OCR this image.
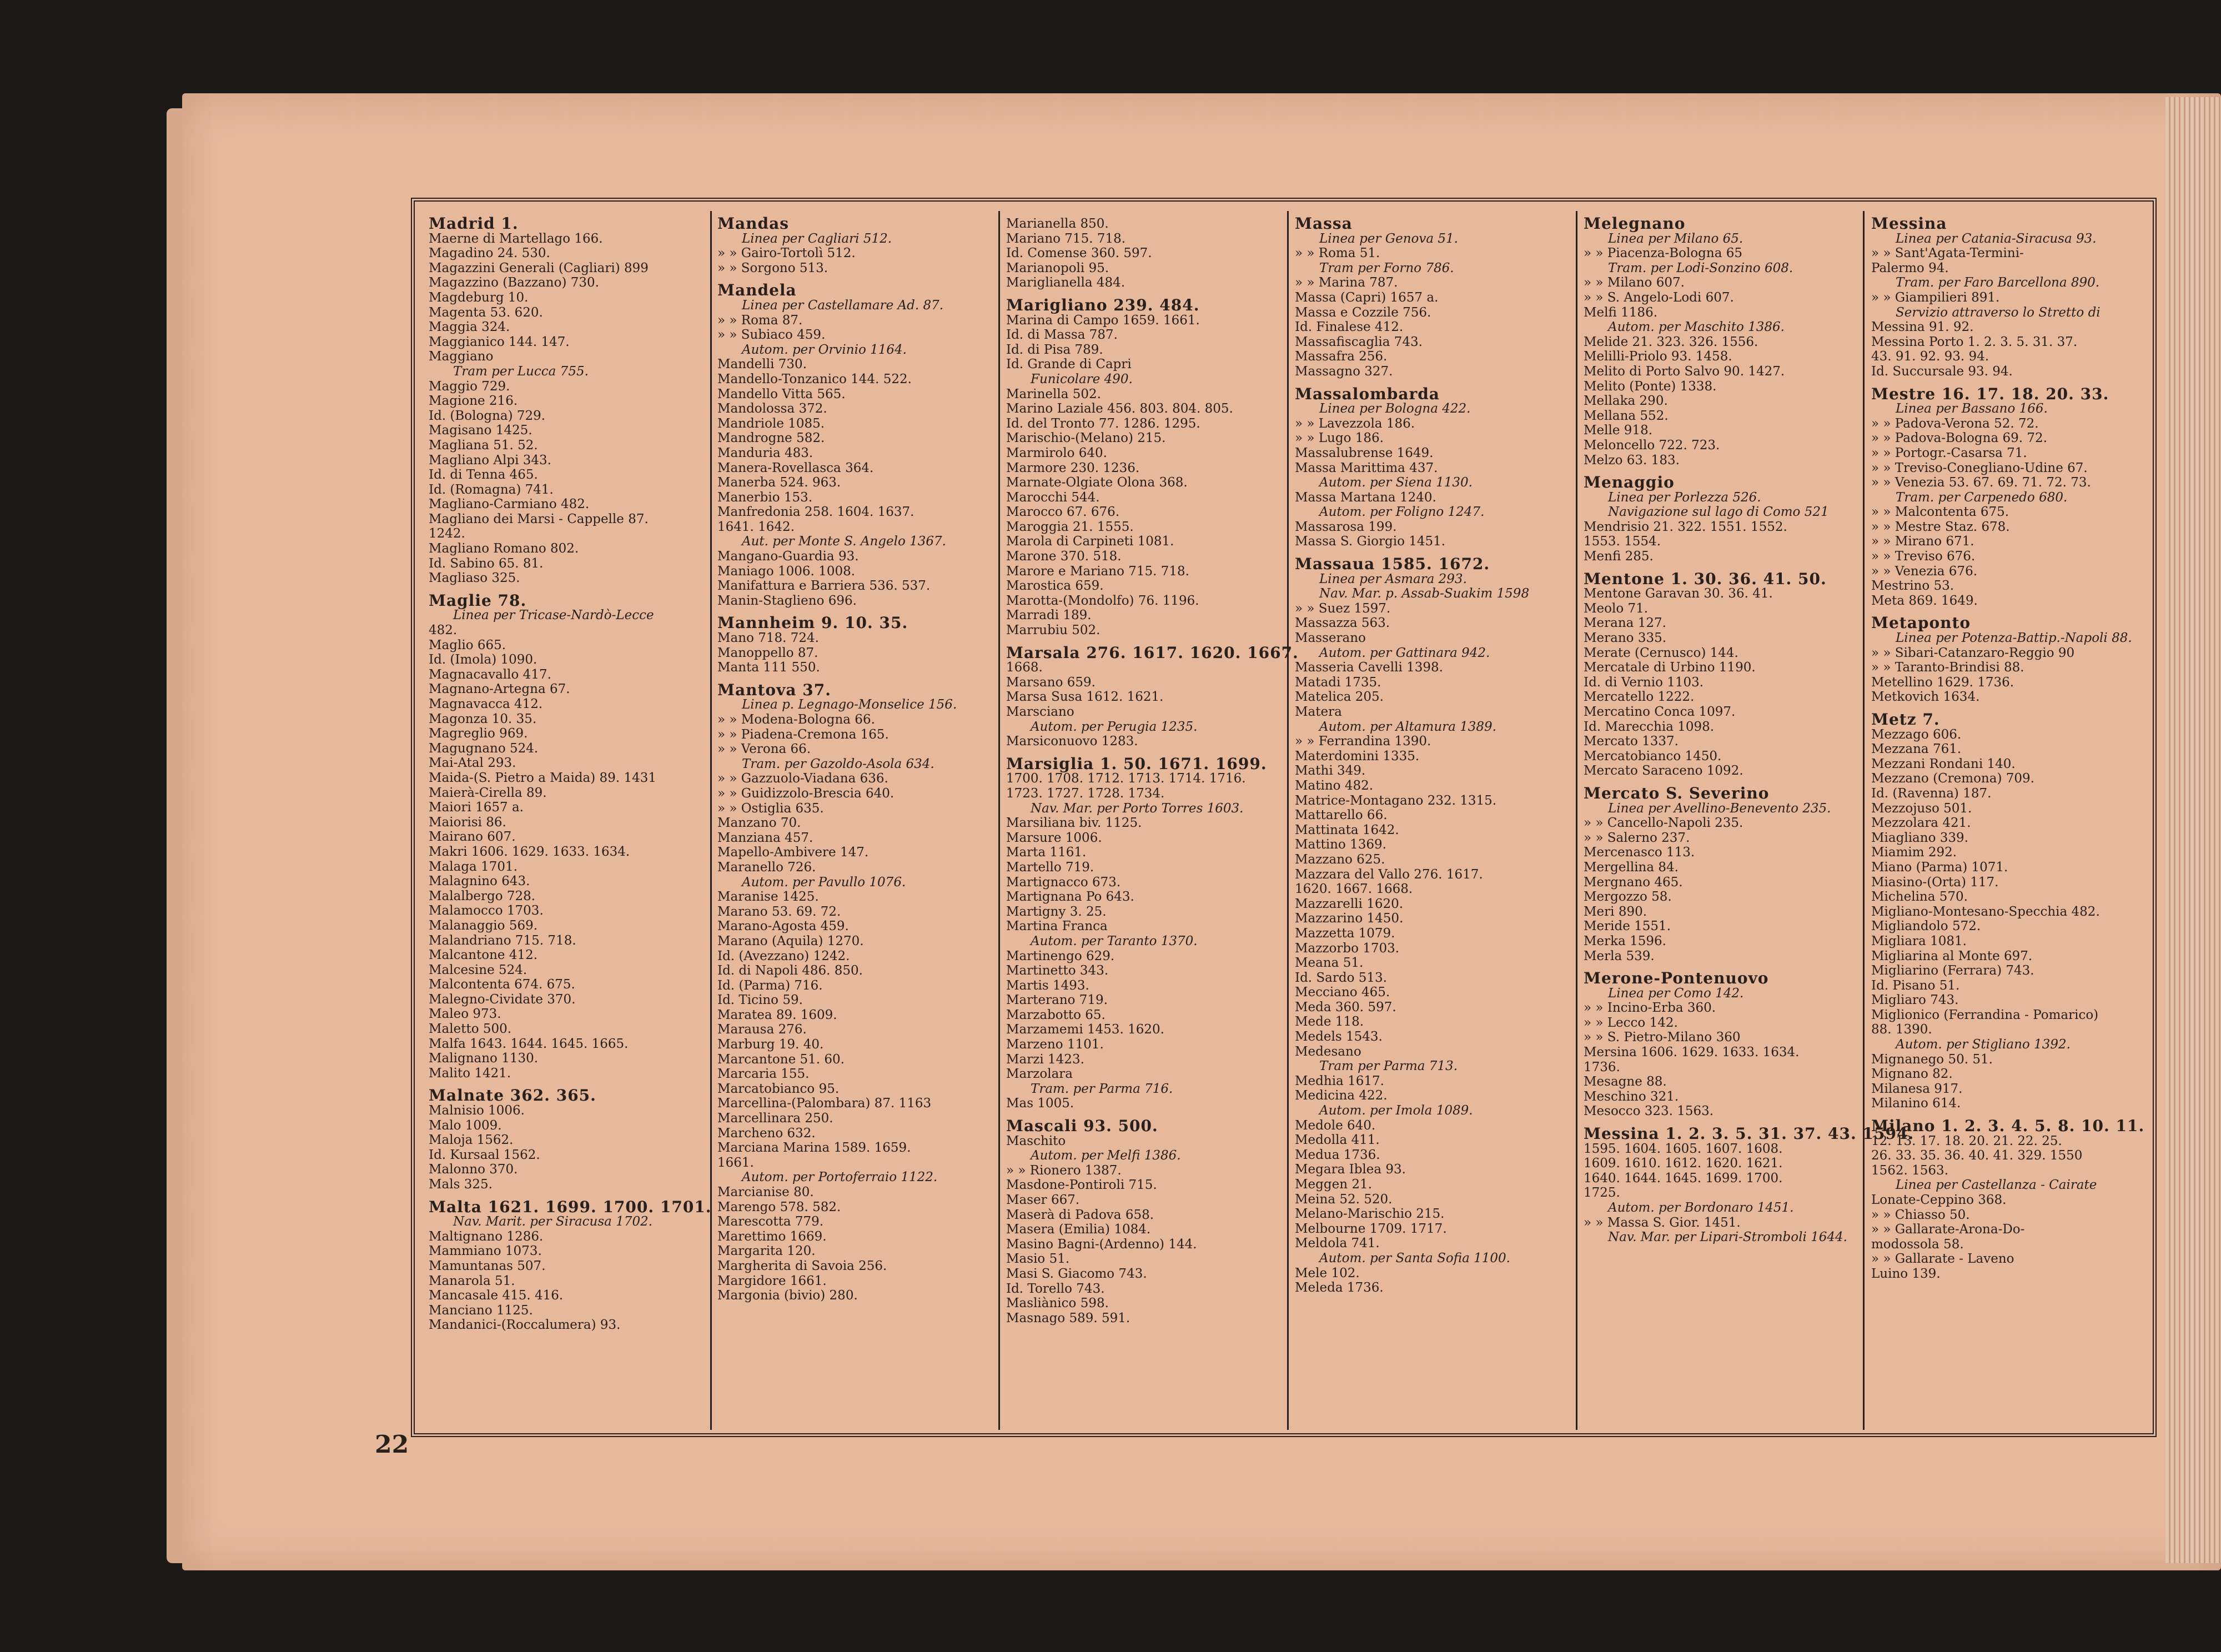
Madrid 1.
Maerne di Martellago 166.
Magadino 24. 530.
Magazzini Generali (Cagliari) 899
Magazzino (Bazzano) 730.
Magdeburg 10.
Magenta 53. 620.
Maggia 324.
Maggianico 144. 147.
Maggiano
Tram per Lucca 755.
Maggio 729.
Magione 216.
Id. (Bologna) 729.
Magisano 1425.
Magliana 51. 52.
Magliano Alpi 343.
Id. di Tenna 465.
Id. (Romagna) 741.
Magliano-Carmiano 482.
Magliano dei Marsi - Cappelle 87.
1242.
Magliano Romano 802.
Id. Sabino 65. 81.
Magliaso 325.
Maglie 78.
Linea per Tricase-Nardò-Lecce
482.
Maglio 665.
Id. (Imola) 1090.
Magnacavallo 417.
Magnano-Artegna 67.
Magnavacca 412.
Magonza 10. 35.
Magreglio 969.
Magugnano 524.
Mai-Atal 293.
Maida-(S. Pietro a Maida) 89. 1431
Maierà-Cirella 89.
Maiori 1657 a.
Maiorisi 86.
Mairano 607.
Makri 1606. 1629. 1633. 1634.
Malaga 1701.
Malagnino 643.
Malalbergo 728.
Malamocco 1703.
Malanaggio 569.
Malandriano 715. 718.
Malcantone 412.
Malcesine 524.
Malcontenta 674. 675.
Malegno-Cividate 370.
Maleo 973.
Maletto 500.
Malfa 1643. 1644. 1645. 1665.
Malignano 1130.
Malito 1421.
Malnate 362. 365.
Malnisio 1006.
Malo 1009.
Maloja 1562.
Id. Kursaal 1562.
Malonno 370.
Mals 325.
Malta 1621. 1699. 1700. 1701.
Nav. Marit. per Siracusa 1702.
Maltignano 1286.
Mammiano 1073.
Mamuntanas 507.
Manarola 51.
Mancasale 415. 416.
Manciano 1125.
Mandanici-(Roccalumera) 93.
Mandas
Linea per Cagliari 512.
» » Gairo-Tortolì 512.
» » Sorgono 513.
Mandela
Linea per Castellamare Ad. 87.
» » Roma 87.
» » Subiaco 459.
Autom. per Orvinio 1164.
Mandelli 730.
Mandello-Tonzanico 144. 522.
Mandello Vitta 565.
Mandolossa 372.
Mandriole 1085.
Mandrogne 582.
Manduria 483.
Manera-Rovellasca 364.
Manerba 524. 963.
Manerbio 153.
Manfredonia 258. 1604. 1637.
1641. 1642.
Aut. per Monte S. Angelo 1367.
Mangano-Guardia 93.
Maniago 1006. 1008.
Manifattura e Barriera 536. 537.
Manin-Staglieno 696.
Mannheim 9. 10. 35.
Mano 718. 724.
Manoppello 87.
Manta 111 550.
Mantova 37.
Linea p. Legnago-Monselice 156.
» » Modena-Bologna 66.
» » Piadena-Cremona 165.
» » Verona 66.
Tram. per Gazoldo-Asola 634.
» » Gazzuolo-Viadana 636.
» » Guidizzolo-Brescia 640.
» » Ostiglia 635.
Manzano 70.
Manziana 457.
Mapello-Ambivere 147.
Maranello 726.
Autom. per Pavullo 1076.
Maranise 1425.
Marano 53. 69. 72.
Marano-Agosta 459.
Marano (Aquila) 1270.
Id. (Avezzano) 1242.
Id. di Napoli 486. 850.
Id. (Parma) 716.
Id. Ticino 59.
Maratea 89. 1609.
Marausa 276.
Marburg 19. 40.
Marcantone 51. 60.
Marcaria 155.
Marcatobianco 95.
Marcellina-(Palombara) 87. 1163
Marcellinara 250.
Marcheno 632.
Marciana Marina 1589. 1659.
1661.
Autom. per Portoferraio 1122.
Marcianise 80.
Marengo 578. 582.
Marescotta 779.
Marettimo 1669.
Margarita 120.
Margherita di Savoia 256.
Margidore 1661.
Margonia (bivio) 280.
Marianella 850.
Mariano 715. 718.
Id. Comense 360. 597.
Marianopoli 95.
Mariglianella 484.
Marigliano 239. 484.
Marina di Campo 1659. 1661.
Id. di Massa 787.
Id. di Pisa 789.
Id. Grande di Capri
Funicolare 490.
Marinella 502.
Marino Laziale 456. 803. 804. 805.
Id. del Tronto 77. 1286. 1295.
Marischio-(Melano) 215.
Marmirolo 640.
Marmore 230. 1236.
Marnate-Olgiate Olona 368.
Marocchi 544.
Marocco 67. 676.
Maroggia 21. 1555.
Marola di Carpineti 1081.
Marone 370. 518.
Marore e Mariano 715. 718.
Marostica 659.
Marotta-(Mondolfo) 76. 1196.
Marradi 189.
Marrubiu 502.
Marsala 276. 1617. 1620. 1667.
1668.
Marsano 659.
Marsa Susa 1612. 1621.
Marsciano
Autom. per Perugia 1235.
Marsiconuovo 1283.
Marsiglia 1. 50. 1671. 1699.
1700. 1708. 1712. 1713. 1714. 1716.
1723. 1727. 1728. 1734.
Nav. Mar. per Porto Torres 1603.
Marsiliana biv. 1125.
Marsure 1006.
Marta 1161.
Martello 719.
Martignacco 673.
Martignana Po 643.
Martigny 3. 25.
Martina Franca
Autom. per Taranto 1370.
Martinengo 629.
Martinetto 343.
Martis 1493.
Marterano 719.
Marzabotto 65.
Marzamemi 1453. 1620.
Marzeno 1101.
Marzi 1423.
Marzolara
Tram. per Parma 716.
Mas 1005.
Mascali 93. 500.
Maschito
Autom. per Melfi 1386.
» » Rionero 1387.
Masdone-Pontiroli 715.
Maser 667.
Maserà di Padova 658.
Masera (Emilia) 1084.
Masino Bagni-(Ardenno) 144.
Masio 51.
Masi S. Giacomo 743.
Id. Torello 743.
Masliànico 598.
Masnago 589. 591.
Massa
Linea per Genova 51.
» » Roma 51.
Tram per Forno 786.
» » Marina 787.
Massa (Capri) 1657 a.
Massa e Cozzile 756.
Id. Finalese 412.
Massafiscaglia 743.
Massafra 256.
Massagno 327.
Massalombarda
Linea per Bologna 422.
» » Lavezzola 186.
» » Lugo 186.
Massalubrense 1649.
Massa Marittima 437.
Autom. per Siena 1130.
Massa Martana 1240.
Autom. per Foligno 1247.
Massarosa 199.
Massa S. Giorgio 1451.
Massaua 1585. 1672.
Linea per Asmara 293.
Nav. Mar. p. Assab-Suakim 1598
» » Suez 1597.
Massazza 563.
Masserano
Autom. per Gattinara 942.
Masseria Cavelli 1398.
Matadi 1735.
Matelica 205.
Matera
Autom. per Altamura 1389.
» » Ferrandina 1390.
Materdomini 1335.
Mathi 349.
Matino 482.
Matrice-Montagano 232. 1315.
Mattarello 66.
Mattinata 1642.
Mattino 1369.
Mazzano 625.
Mazzara del Vallo 276. 1617.
1620. 1667. 1668.
Mazzarelli 1620.
Mazzarino 1450.
Mazzetta 1079.
Mazzorbo 1703.
Meana 51.
Id. Sardo 513.
Mecciano 465.
Meda 360. 597.
Mede 118.
Medels 1543.
Medesano
Tram per Parma 713.
Medhia 1617.
Medicina 422.
Autom. per Imola 1089.
Medole 640.
Medolla 411.
Medua 1736.
Megara Iblea 93.
Meggen 21.
Meina 52. 520.
Melano-Marischio 215.
Melbourne 1709. 1717.
Meldola 741.
Autom. per Santa Sofia 1100.
Mele 102.
Meleda 1736.
Melegnano
Linea per Milano 65.
» » Piacenza-Bologna 65
Tram. per Lodi-Sonzino 608.
» » Milano 607.
» » S. Angelo-Lodi 607.
Melfi 1186.
Autom. per Maschito 1386.
Melide 21. 323. 326. 1556.
Melilli-Priolo 93. 1458.
Melito di Porto Salvo 90. 1427.
Melito (Ponte) 1338.
Mellaka 290.
Mellana 552.
Melle 918.
Meloncello 722. 723.
Melzo 63. 183.
Menaggio
Linea per Porlezza 526.
Navigazione sul lago di Como 521
Mendrisio 21. 322. 1551. 1552.
1553. 1554.
Menfi 285.
Mentone 1. 30. 36. 41. 50.
Mentone Garavan 30. 36. 41.
Meolo 71.
Merana 127.
Merano 335.
Merate (Cernusco) 144.
Mercatale di Urbino 1190.
Id. di Vernio 1103.
Mercatello 1222.
Mercatino Conca 1097.
Id. Marecchia 1098.
Mercato 1337.
Mercatobianco 1450.
Mercato Saraceno 1092.
Mercato S. Severino
Linea per Avellino-Benevento 235.
» » Cancello-Napoli 235.
» » Salerno 237.
Mercenasco 113.
Mergellina 84.
Mergnano 465.
Mergozzo 58.
Meri 890.
Meride 1551.
Merka 1596.
Merla 539.
Merone-Pontenuovo
Linea per Como 142.
» » Incino-Erba 360.
» » Lecco 142.
» » S. Pietro-Milano 360
Mersina 1606. 1629. 1633. 1634.
1736.
Mesagne 88.
Meschino 321.
Mesocco 323. 1563.
Messina 1. 2. 3. 5. 31. 37. 43. 1594.
1595. 1604. 1605. 1607. 1608.
1609. 1610. 1612. 1620. 1621.
1640. 1644. 1645. 1699. 1700.
1725.
Autom. per Bordonaro 1451.
» » Massa S. Gior. 1451.
Nav. Mar. per Lipari-Stromboli 1644.
Messina
Linea per Catania-Siracusa 93.
» » Sant'Agata-Termini-
Palermo 94.
Tram. per Faro Barcellona 890.
» » Giampilieri 891.
Servizio attraverso lo Stretto di
Messina 91. 92.
Messina Porto 1. 2. 3. 5. 31. 37.
43. 91. 92. 93. 94.
Id. Succursale 93. 94.
Mestre 16. 17. 18. 20. 33.
Linea per Bassano 166.
» » Padova-Verona 52. 72.
» » Padova-Bologna 69. 72.
» » Portogr.-Casarsa 71.
» » Treviso-Conegliano-Udine 67.
» » Venezia 53. 67. 69. 71. 72. 73.
Tram. per Carpenedo 680.
» » Malcontenta 675.
» » Mestre Staz. 678.
» » Mirano 671.
» » Treviso 676.
» » Venezia 676.
Mestrino 53.
Meta 869. 1649.
Metaponto
Linea per Potenza-Battip.-Napoli 88.
» » Sibari-Catanzaro-Reggio 90
» » Taranto-Brindisi 88.
Metellino 1629. 1736.
Metkovich 1634.
Metz 7.
Mezzago 606.
Mezzana 761.
Mezzani Rondani 140.
Mezzano (Cremona) 709.
Id. (Ravenna) 187.
Mezzojuso 501.
Mezzolara 421.
Miagliano 339.
Miamim 292.
Miano (Parma) 1071.
Miasino-(Orta) 117.
Michelina 570.
Migliano-Montesano-Specchia 482.
Migliandolo 572.
Migliara 1081.
Migliarina al Monte 697.
Migliarino (Ferrara) 743.
Id. Pisano 51.
Migliaro 743.
Miglionico (Ferrandina - Pomarico)
88. 1390.
Autom. per Stigliano 1392.
Mignanego 50. 51.
Mignano 82.
Milanesa 917.
Milanino 614.
Milano 1. 2. 3. 4. 5. 8. 10. 11.
12. 13. 17. 18. 20. 21. 22. 25.
26. 33. 35. 36. 40. 41. 329. 1550
1562. 1563.
Linea per Castellanza - Cairate
Lonate-Ceppino 368.
» » Chiasso 50.
» » Gallarate-Arona-Do-
modossola 58.
» » Gallarate - Laveno
Luino 139.
22
